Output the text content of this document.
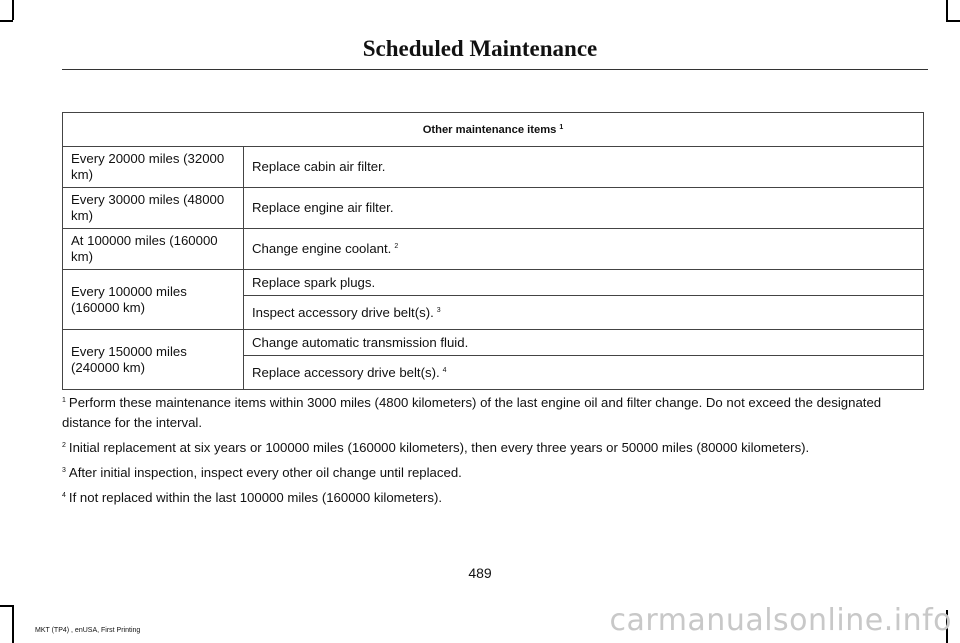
Scheduled Maintenance
Other maintenance items $^1$
Every 20000 miles (32000 km)	Replace cabin air filter.
Every 30000 miles (48000 km)	Replace engine air filter.
At 100000 miles (160000 km)	Change engine coolant. $^2$
Every 100000 miles (160000 km)	Replace spark plugs.
	Inspect accessory drive belt(s). $^3$
Every 150000 miles (240000 km)	Change automatic transmission fluid.
	Replace accessory drive belt(s). $^4$
$^1$ Perform these maintenance items within 3000 miles (4800 kilometers) of the last engine oil and filter change. Do not exceed the designated distance for the interval.
$^2$ Initial replacement at six years or 100000 miles (160000 kilometers), then every three years or 50000 miles (80000 kilometers).
$^3$ After initial inspection, inspect every other oil change until replaced.
$^4$ If not replaced within the last 100000 miles (160000 kilometers).
489
MKT (TP4) , enUSA, First Printing	carmanualsonline.info
